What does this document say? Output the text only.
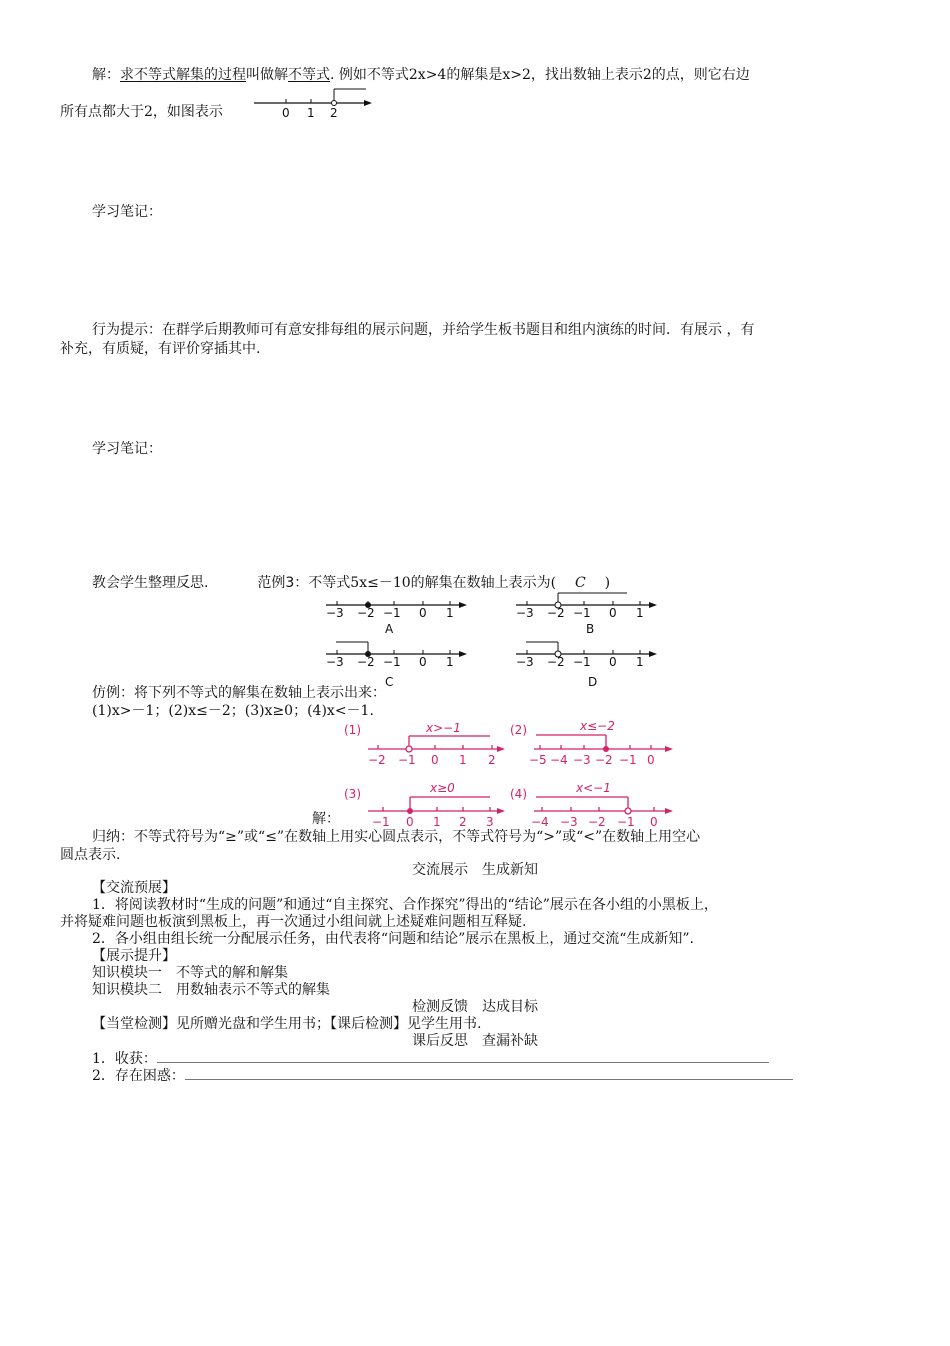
解：求不等式解集的过程叫做解不等式. 例如不等式2x>4的解集是x>2，找出数轴上表示2的点，则它右边
所有点都大于2，如图表示	0 1 2
学习笔记：
行为提示：在群学后期教师可有意安排每组的展示问题，并给学生板书题目和组内演练的时间．有展示 ，有
补充，有质疑，有评价穿插其中.
学习笔记：
教会学生整理反思.	范例3：不等式5x≤－10的解集在数轴上表示为( C )
−3 −2 −1 0 1
A
−3 −2 −1 0 1
B
−3 −2 −1 0 1
C
−3 −2 −1 0 1
D
仿例：将下列不等式的解集在数轴上表示出来：
(1)x>－1；(2)x≤－2；(3)x≥0；(4)x<－1.
(1)	x>−1
−2 −1 0 1 2
(2)	x≤−2
−5 −4 −3 −2 −1 0
(3)	x≥0
−1 0 1 2 3
(4)	x<−1
−4 −3 −2 −1 0
解：
归纳：不等式符号为“≥”或“≤”在数轴上用实心圆点表示，不等式符号为“>”或“<”在数轴上用空心
圆点表示.
交流展示　生成新知
【交流预展】
1．将阅读教材时“生成的问题”和通过“自主探究、合作探究”得出的“结论”展示在各小组的小黑板上，
并将疑难问题也板演到黑板上，再一次通过小组间就上述疑难问题相互释疑.
2．各小组由组长统一分配展示任务，由代表将“问题和结论”展示在黑板上，通过交流“生成新知”.
【展示提升】
知识模块一　不等式的解和解集
知识模块二　用数轴表示不等式的解集
检测反馈　达成目标
【当堂检测】见所赠光盘和学生用书；【课后检测】见学生用书.
课后反思　查漏补缺
1．收获：
2．存在困惑：
